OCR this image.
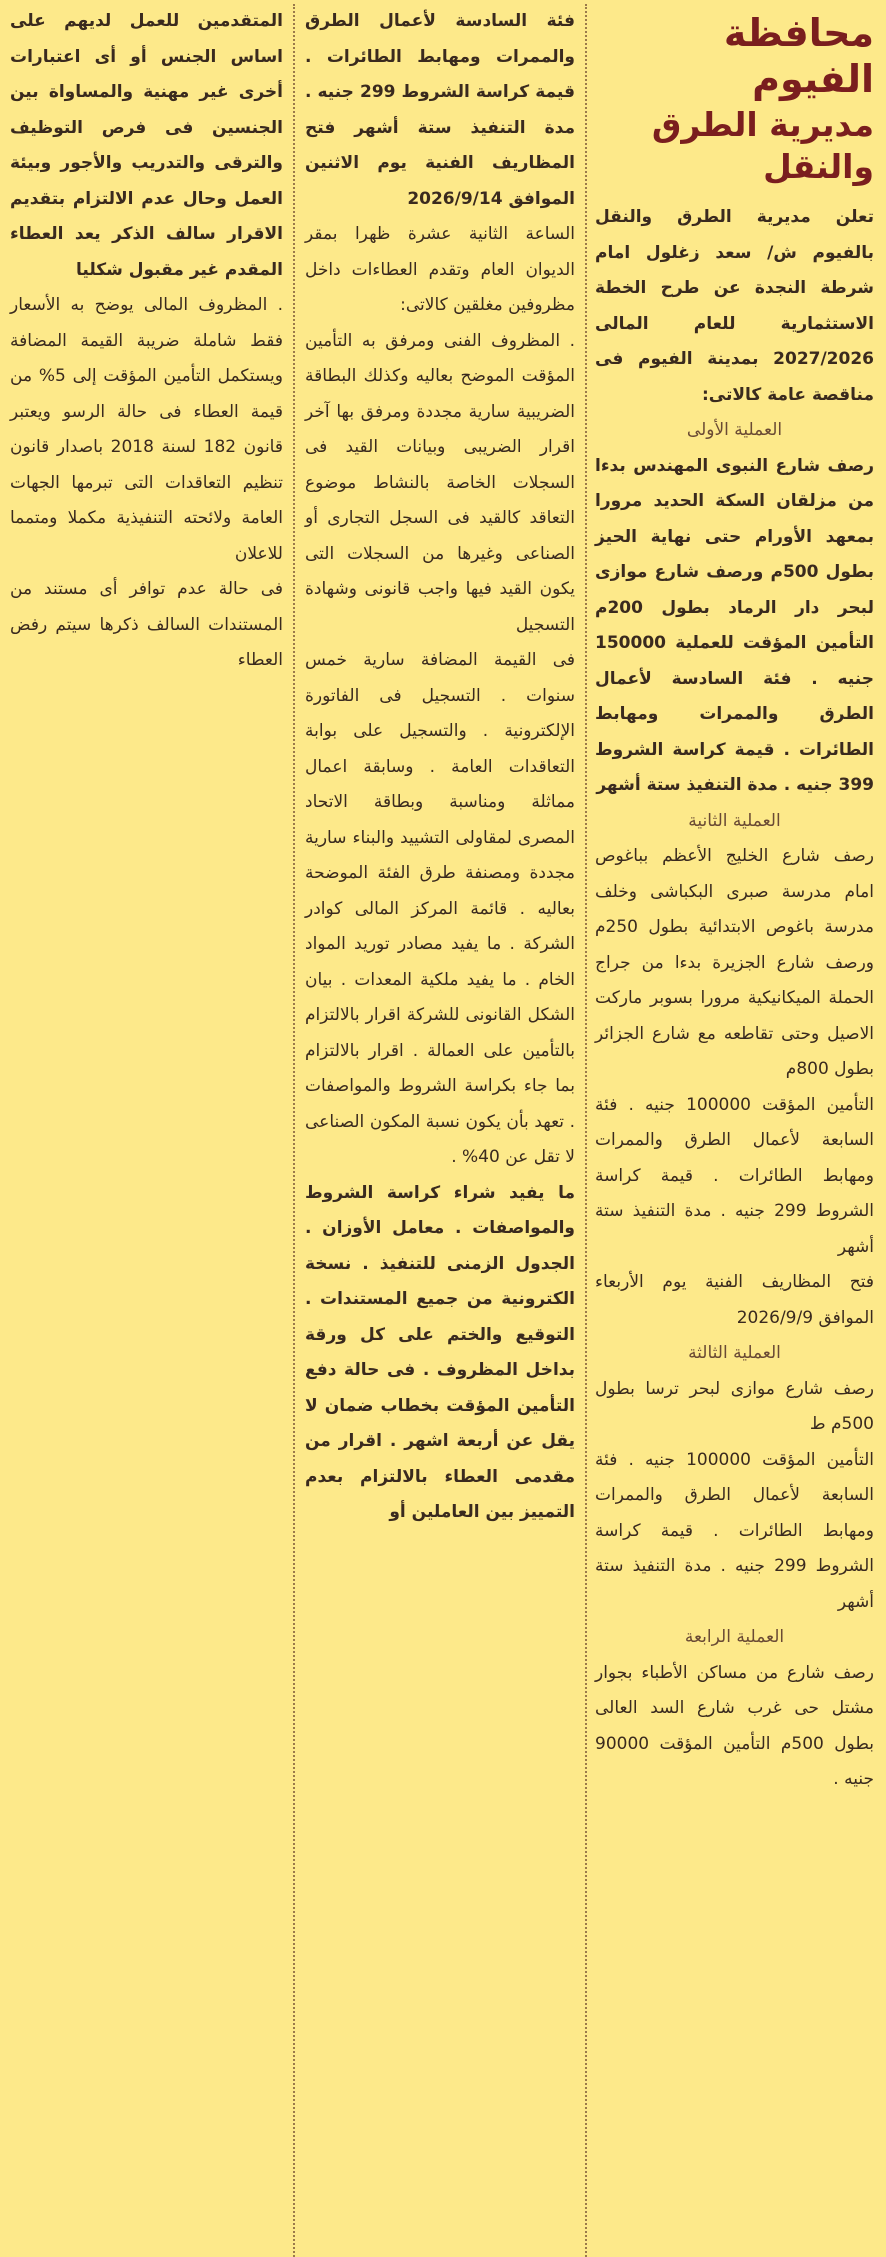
محافظة الفيوم
مديرية الطرق والنقل

تعلن مديرية الطرق والنقل بالفيوم ش/ سعد زغلول امام شرطة النجدة عن طرح الخطة الاستثمارية للعام المالى 2027/2026 بمدينة الفيوم فى مناقصة عامة كالاتى:

العملية الأولى

رصف شارع النبوى المهندس بدءا من مزلقان السكة الحديد مرورا بمعهد الأورام حتى نهاية الحيز بطول 500م ورصف شارع موازى لبحر دار الرماد بطول 200م التأمين المؤقت للعملية 150000 جنيه . فئة السادسة لأعمال الطرق والممرات ومهابط الطائرات . قيمة كراسة الشروط 399 جنيه . مدة التنفيذ ستة أشهر

العملية الثانية

رصف شارع الخليج الأعظم بباغوص امام مدرسة صبرى البكباشى وخلف مدرسة باغوص الابتدائية بطول 250م ورصف شارع الجزيرة بدءا من جراج الحملة الميكانيكية مرورا بسوبر ماركت الاصيل وحتى تقاطعه مع شارع الجزائر بطول 800م

التأمين المؤقت 100000 جنيه . فئة السابعة لأعمال الطرق والممرات ومهابط الطائرات . قيمة كراسة الشروط 299 جنيه . مدة التنفيذ ستة أشهر

فتح المظاريف الفنية يوم الأربعاء الموافق 2026/9/9

العملية الثالثة

رصف شارع موازى لبحر ترسا بطول 500م ط

التأمين المؤقت 100000 جنيه . فئة السابعة لأعمال الطرق والممرات ومهابط الطائرات . قيمة كراسة الشروط 299 جنيه . مدة التنفيذ ستة أشهر

العملية الرابعة

رصف شارع من مساكن الأطباء بجوار مشتل حى غرب شارع السد العالى بطول 500م التأمين المؤقت 90000 جنيه .

فئة السادسة لأعمال الطرق والممرات ومهابط الطائرات . قيمة كراسة الشروط 299 جنيه . مدة التنفيذ ستة أشهر فتح المظاريف الفنية يوم الاثنين الموافق 2026/9/14

الساعة الثانية عشرة ظهرا بمقر الديوان العام وتقدم العطاءات داخل مظروفين مغلقين كالاتى:

. المظروف الفنى ومرفق به التأمين المؤقت الموضح بعاليه وكذلك البطاقة الضريبية سارية مجددة ومرفق بها آخر اقرار الضريبى وبيانات القيد فى السجلات الخاصة بالنشاط موضوع التعاقد كالقيد فى السجل التجارى أو الصناعى وغيرها من السجلات التى يكون القيد فيها واجب قانونى وشهادة التسجيل

فى القيمة المضافة سارية خمس سنوات . التسجيل فى الفاتورة الإلكترونية . والتسجيل على بوابة التعاقدات العامة . وسابقة اعمال مماثلة ومناسبة وبطاقة الاتحاد المصرى لمقاولى التشييد والبناء سارية مجددة ومصنفة طرق الفئة الموضحة بعاليه . قائمة المركز المالى كوادر الشركة . ما يفيد مصادر توريد المواد الخام . ما يفيد ملكية المعدات . بيان الشكل القانونى للشركة اقرار بالالتزام بالتأمين على العمالة . اقرار بالالتزام بما جاء بكراسة الشروط والمواصفات . تعهد بأن يكون نسبة المكون الصناعى لا تقل عن 40% .

ما يفيد شراء كراسة الشروط والمواصفات . معامل الأوزان . الجدول الزمنى للتنفيذ . نسخة الكترونية من جميع المستندات . التوقيع والختم على كل ورقة بداخل المظروف . فى حالة دفع التأمين المؤقت بخطاب ضمان لا يقل عن أربعة اشهر . اقرار من مقدمى العطاء بالالتزام بعدم التمييز بين العاملين أو

المتقدمين للعمل لديهم على اساس الجنس أو أى اعتبارات أخرى غير مهنية والمساواة بين الجنسين فى فرص التوظيف والترقى والتدريب والأجور وبيئة العمل وحال عدم الالتزام بتقديم الاقرار سالف الذكر يعد العطاء المقدم غير مقبول شكليا

. المظروف المالى يوضح به الأسعار فقط شاملة ضريبة القيمة المضافة ويستكمل التأمين المؤقت إلى 5% من قيمة العطاء فى حالة الرسو ويعتبر قانون 182 لسنة 2018 باصدار قانون تنظيم التعاقدات التى تبرمها الجهات العامة ولائحته التنفيذية مكملا ومتمما للاعلان

فى حالة عدم توافر أى مستند من المستندات السالف ذكرها سيتم رفض العطاء
